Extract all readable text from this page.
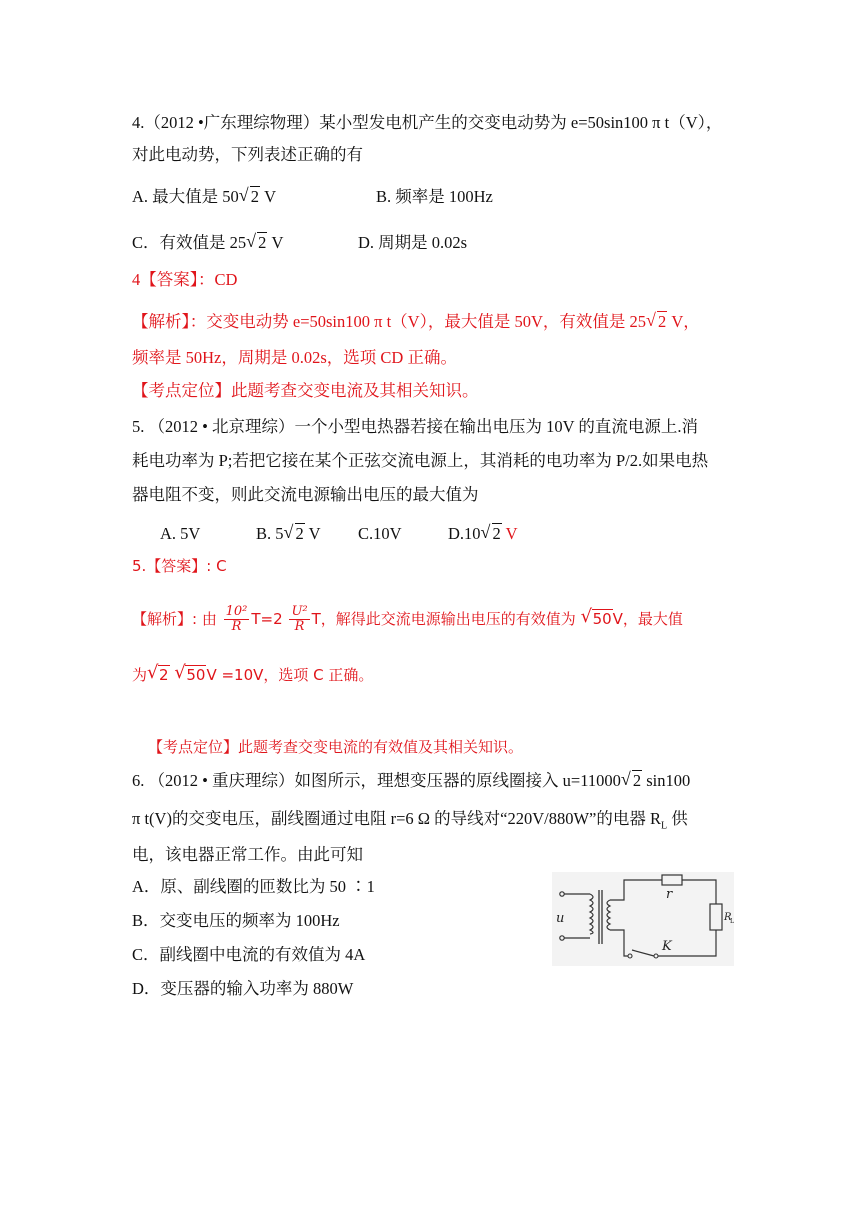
4.（2012 •广东理综物理）某小型发电机产生的交变电动势为 e=50sin100 π t（V），
对此电动势，下列表述正确的有
A. 最大值是 50 √ 2 V	B. 频率是 100Hz
C．有效值是 25 √ 2 V	D. 周期是 0.02s
4【答案】：CD
【解析】：交变电动势 e=50sin100 π t（V），最大值是 50V，有效值是 25 √ 2 V，
频率是 50Hz，周期是 0.02s，选项 CD 正确。
【考点定位】此题考查交变电流及其相关知识。
5. （2012 • 北京理综）一个小型电热器若接在输出电压为 10V 的直流电源上.消
耗电功率为 P;若把它接在某个正弦交流电源上，其消耗的电功率为 P/2.如果电热
器电阻不变，则此交流电源输出电压的最大值为
A. 5V	B. 5 √ 2 V C.10V	D.10 √ 2 V
5.【答案】: C
【解析】: 由 $\frac{\text{10²}}{R} T=2 \frac{\text{U²}}{R}$ T，解得此交流电源输出电压的有效值为 √ 50V，最大值
为 √ 2 √ 50V =10V，选项 C 正确。
【考点定位】此题考查交变电流的有效值及其相关知识。
6. （2012 • 重庆理综）如图所示，理想变压器的原线圈接入 u=11000 √ 2 sin100
π t(V)的交变电压，副线圈通过电阻 r=6 Ω 的导线对“220V/880W”的电器 $R_L$ 供
电，该电器正常工作。由此可知
A．原、副线圈的匝数比为 50 ∶1
B．交变电压的频率为 100Hz
C．副线圈中电流的有效值为 4A
D．变压器的输入功率为 880W
u
r
R
L
K
